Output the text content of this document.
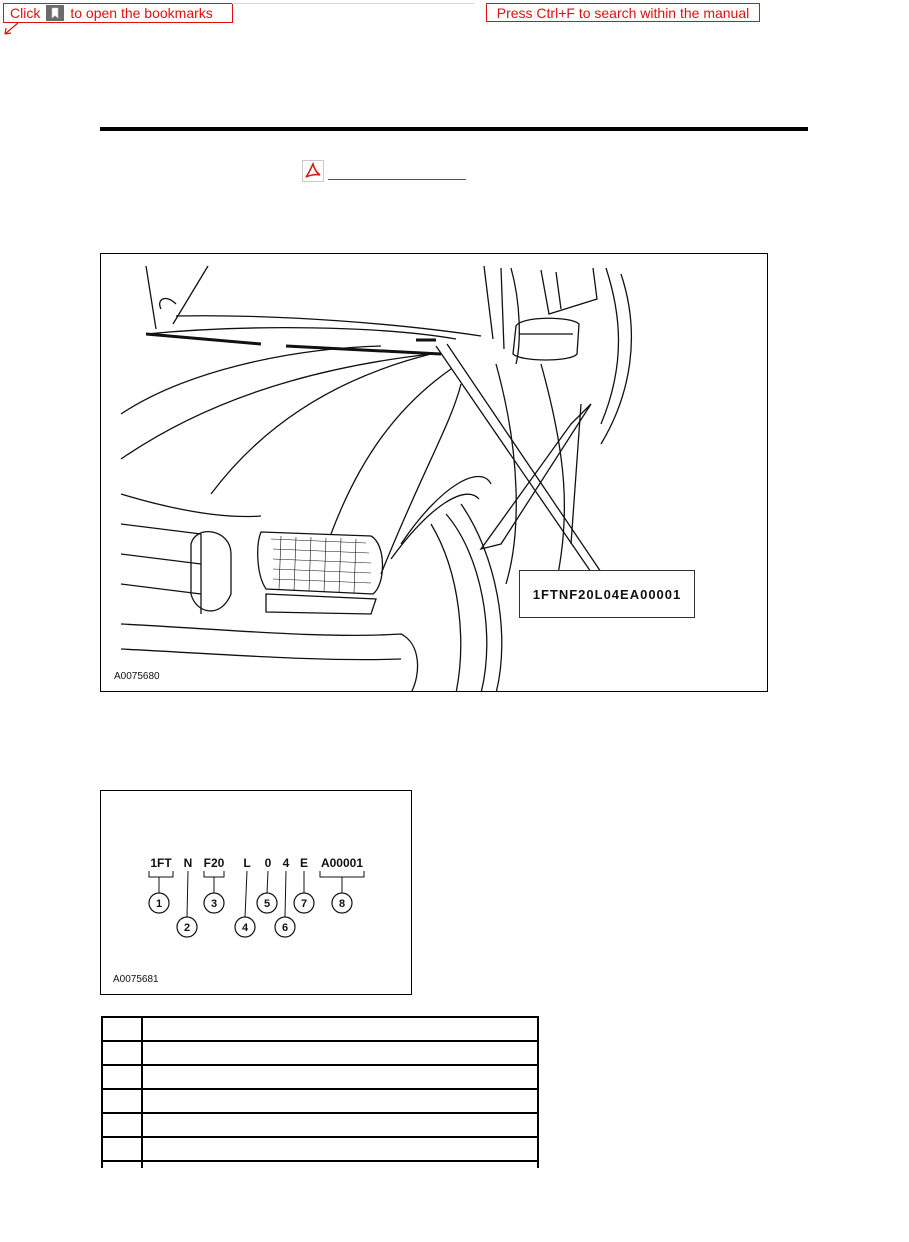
Click to open the bookmarks	Press Ctrl+F to search within the manual
1FTNF20L04EA00001
A0075680
1FT
1
N
2
F20
3
L
4
0
5
4
6
E
7
A00001
8
A0075681
